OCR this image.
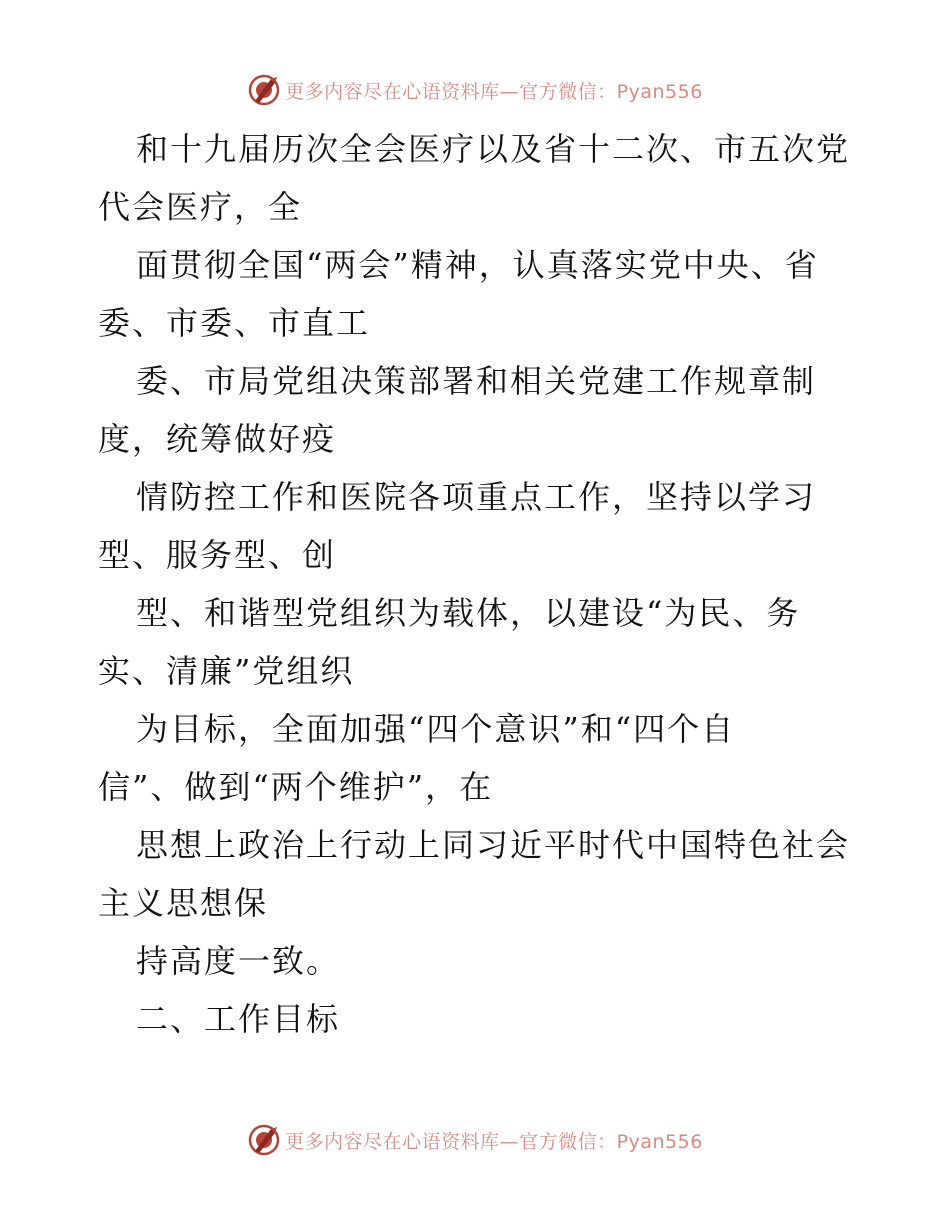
更多内容尽在心语资料库—官方微信：Pyan556
和十九届历次全会医疗以及省十二次、市五次党
代会医疗，全
面贯彻全国“两会”精神，认真落实党中央、省
委、市委、市直工
委、市局党组决策部署和相关党建工作规章制
度，统筹做好疫
情防控工作和医院各项重点工作，坚持以学习
型、服务型、创
型、和谐型党组织为载体，以建设“为民、务
实、清廉”党组织
为目标，全面加强“四个意识”和“四个自
信”、做到“两个维护”，在
思想上政治上行动上同习近平时代中国特色社会
主义思想保
持高度一致。
二、工作目标
更多内容尽在心语资料库—官方微信：Pyan556
